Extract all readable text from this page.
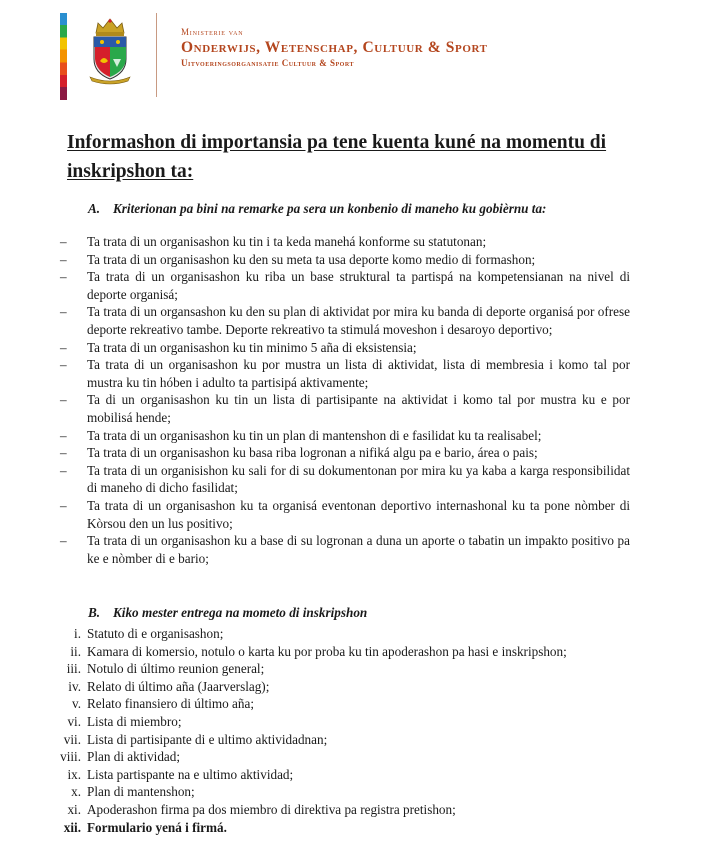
Ministerie van
Onderwijs, Wetenschap, Cultuur & Sport
Uitvoeringsorganisatie Cultuur & Sport
Informashon di importansia pa tene kuenta kuné na momentu di inskripshon ta:
A. Kriterionan pa bini na remarke pa sera un konbenio di maneho ku gobièrnu ta:
– Ta trata di un organisashon ku tin i ta keda manehá konforme su statutonan;
– Ta trata di un organisashon ku den su meta ta usa deporte komo medio di formashon;
– Ta trata di un organisashon ku riba un base struktural ta partispá na kompetensianan na nivel di deporte organisá;
– Ta trata di un organsashon ku den su plan di aktividat por mira ku banda di deporte organisá por ofrese deporte rekreativo tambe. Deporte rekreativo ta stimulá moveshon i desaroyo deportivo;
– Ta trata di un organisashon ku tin minimo 5 aña di eksistensia;
– Ta trata di un organisashon ku por mustra un lista di aktividat, lista di membresia i komo tal por mustra ku tin hóben i adulto ta partisipá aktivamente;
– Ta di un organisashon ku tin un lista di partisipante na aktividat i komo tal por mustra ku e por mobilisá hende;
– Ta trata di un organisashon ku tin un plan di mantenshon di e fasilidat ku ta realisabel;
– Ta trata di un organisashon ku basa riba logronan a nifiká algu pa e bario, área o pais;
– Ta trata di un organisishon ku sali for di su dokumentonan por mira ku ya kaba a karga responsibilidat di maneho di dicho fasilidat;
– Ta trata di un organisashon ku ta organisá eventonan deportivo internashonal ku ta pone nòmber di Kòrsou den un lus positivo;
– Ta trata di un organisashon ku a base di su logronan a duna un aporte o tabatin un impakto positivo pa ke e nòmber di e bario;
B. Kiko mester entrega na mometo di inskripshon
i. Statuto di e organisashon;
ii. Kamara di komersio, notulo o karta ku por proba ku tin apoderashon pa hasi e inskripshon;
iii. Notulo di último reunion general;
iv. Relato di último aña (Jaarverslag);
v. Relato finansiero di último aña;
vi. Lista di miembro;
vii. Lista di partisipante di e ultimo aktividadnan;
viii. Plan di aktividad;
ix. Lista partispante na e ultimo aktividad;
x. Plan di mantenshon;
xi. Apoderashon firma pa dos miembro di direktiva pa registra pretishon;
xii. Formulario yená i firmá.
